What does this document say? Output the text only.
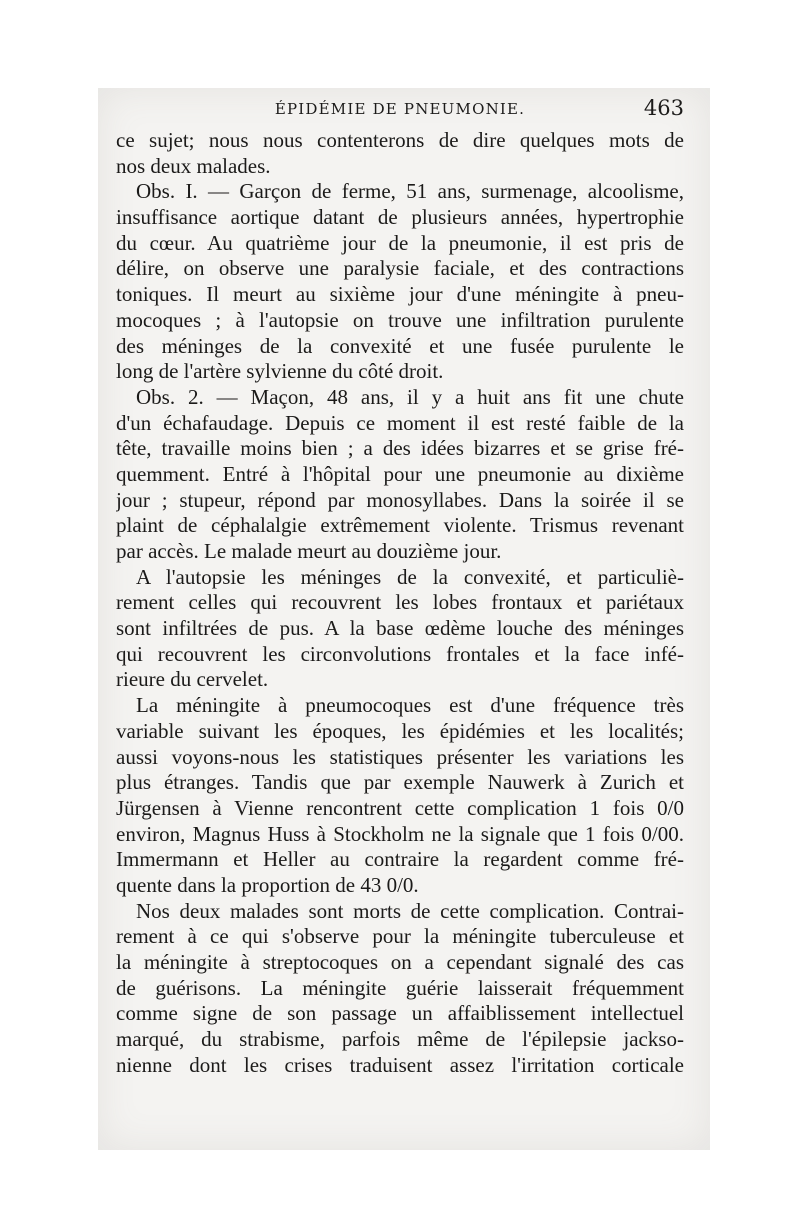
ÉPIDÉMIE DE PNEUMONIE.	463
ce sujet; nous nous contenterons de dire quelques mots de
nos deux malades.
Obs. I. — Garçon de ferme, 51 ans, surmenage, alcoolisme,
insuffisance aortique datant de plusieurs années, hypertrophie
du cœur. Au quatrième jour de la pneumonie, il est pris de
délire, on observe une paralysie faciale, et des contractions
toniques. Il meurt au sixième jour d'une méningite à pneu-
mocoques ; à l'autopsie on trouve une infiltration purulente
des méninges de la convexité et une fusée purulente le
long de l'artère sylvienne du côté droit.
Obs. 2. — Maçon, 48 ans, il y a huit ans fit une chute
d'un échafaudage. Depuis ce moment il est resté faible de la
tête, travaille moins bien ; a des idées bizarres et se grise fré-
quemment. Entré à l'hôpital pour une pneumonie au dixième
jour ; stupeur, répond par monosyllabes. Dans la soirée il se
plaint de céphalalgie extrêmement violente. Trismus revenant
par accès. Le malade meurt au douzième jour.
A l'autopsie les méninges de la convexité, et particuliè-
rement celles qui recouvrent les lobes frontaux et pariétaux
sont infiltrées de pus. A la base œdème louche des méninges
qui recouvrent les circonvolutions frontales et la face infé-
rieure du cervelet.
La méningite à pneumocoques est d'une fréquence très
variable suivant les époques, les épidémies et les localités;
aussi voyons-nous les statistiques présenter les variations les
plus étranges. Tandis que par exemple Nauwerk à Zurich et
Jürgensen à Vienne rencontrent cette complication 1 fois 0/0
environ, Magnus Huss à Stockholm ne la signale que 1 fois 0/00.
Immermann et Heller au contraire la regardent comme fré-
quente dans la proportion de 43 0/0.
Nos deux malades sont morts de cette complication. Contrai-
rement à ce qui s'observe pour la méningite tuberculeuse et
la méningite à streptocoques on a cependant signalé des cas
de guérisons. La méningite guérie laisserait fréquemment
comme signe de son passage un affaiblissement intellectuel
marqué, du strabisme, parfois même de l'épilepsie jackso-
nienne dont les crises traduisent assez l'irritation corticale
